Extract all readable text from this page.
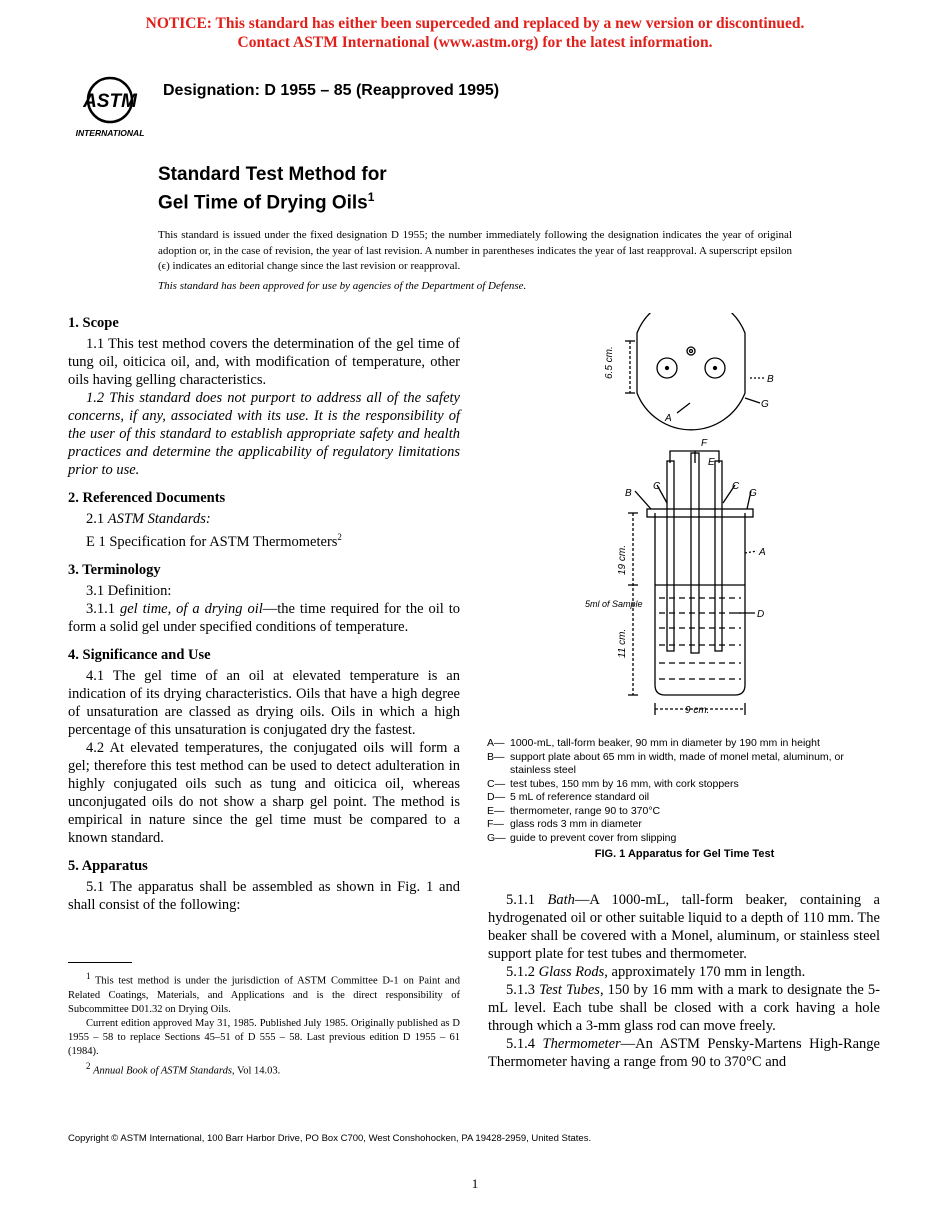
NOTICE: This standard has either been superceded and replaced by a new version or discontinued.
Contact ASTM International (www.astm.org) for the latest information.
ASTM
INTERNATIONAL
Designation: D 1955 – 85 (Reapproved 1995)
Standard Test Method for
Gel Time of Drying Oils$^1$
This standard is issued under the fixed designation D 1955; the number immediately following the designation indicates the year of original adoption or, in the case of revision, the year of last revision. A number in parentheses indicates the year of last reapproval. A superscript epsilon (ϵ) indicates an editorial change since the last revision or reapproval.
This standard has been approved for use by agencies of the Department of Defense.
1. Scope

1.1 This test method covers the determination of the gel time of tung oil, oiticica oil, and, with modification of temperature, other oils having gelling characteristics.

1.2 This standard does not purport to address all of the safety concerns, if any, associated with its use. It is the responsibility of the user of this standard to establish appropriate safety and health practices and determine the applicability of regulatory limitations prior to use.

2. Referenced Documents

2.1 ASTM Standards:

E 1 Specification for ASTM Thermometers$^2$

3. Terminology

3.1 Definition:

3.1.1 gel time, of a drying oil—the time required for the oil to form a solid gel under specified conditions of temperature.

4. Significance and Use

4.1 The gel time of an oil at elevated temperature is an indication of its drying characteristics. Oils that have a high degree of unsaturation are classed as drying oils. Oils in which a high percentage of this unsaturation is conjugated dry the fastest.

4.2 At elevated temperatures, the conjugated oils will form a gel; therefore this test method can be used to detect adulteration in highly conjugated oils such as tung and oiticica oil, whereas unconjugated oils do not show a sharp gel point. The method is empirical in nature since the gel time must be compared to a known standard.

5. Apparatus

5.1 The apparatus shall be assembled as shown in Fig. 1 and shall consist of the following:

$^1$ This test method is under the jurisdiction of ASTM Committee D-1 on Paint and Related Coatings, Materials, and Applications and is the direct responsibility of Subcommittee D01.32 on Drying Oils.

Current edition approved May 31, 1985. Published July 1985. Originally published as D 1955 – 58 to replace Sections 45–51 of D 555 – 58. Last previous edition D 1955 – 61 (1984).

$^2$ Annual Book of ASTM Standards, Vol 14.03.

6.5 cm.
B
G
A
B
C	C
G
F
E
A
D
5ml of Sample
19 cm.
11 cm.
9 cm.
A— 1000-mL, tall-form beaker, 90 mm in diameter by 190 mm in height
B— support plate about 65 mm in width, made of monel metal, aluminum, or stainless steel
C— test tubes, 150 mm by 16 mm, with cork stoppers
D— 5 mL of reference standard oil
E— thermometer, range 90 to 370°C
F— glass rods 3 mm in diameter
G— guide to prevent cover from slipping
FIG. 1 Apparatus for Gel Time Test

5.1.1 Bath—A 1000-mL, tall-form beaker, containing a hydrogenated oil or other suitable liquid to a depth of 110 mm. The beaker shall be covered with a Monel, aluminum, or stainless steel support plate for test tubes and thermometer.

5.1.2 Glass Rods, approximately 170 mm in length.

5.1.3 Test Tubes, 150 by 16 mm with a mark to designate the 5-mL level. Each tube shall be closed with a cork having a hole through which a 3-mm glass rod can move freely.

5.1.4 Thermometer—An ASTM Pensky-Martens High-Range Thermometer having a range from 90 to 370°C and

Copyright © ASTM International, 100 Barr Harbor Drive, PO Box C700, West Conshohocken, PA 19428-2959, United States.
1
